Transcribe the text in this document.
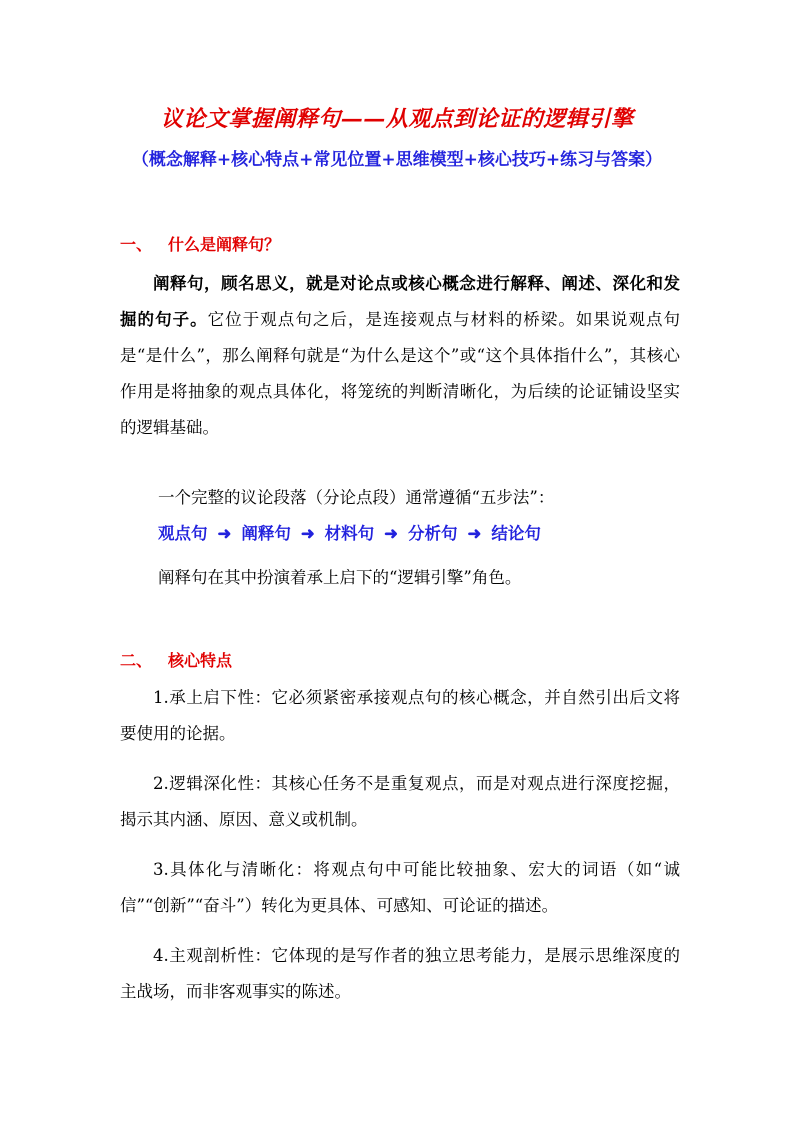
议论文掌握阐释句——从观点到论证的逻辑引擎
（概念解释+核心特点+常见位置+思维模型+核心技巧+练习与答案）
一、 什么是阐释句？
阐释句，顾名思义，就是对论点或核心概念进行解释、阐述、深化和发掘的句子。它位于观点句之后，是连接观点与材料的桥梁。如果说观点句是“是什么”，那么阐释句就是“为什么是这个”或“这个具体指什么”，其核心作用是将抽象的观点具体化，将笼统的判断清晰化，为后续的论证铺设坚实的逻辑基础。
一个完整的议论段落（分论点段）通常遵循“五步法”：
观点句 ➜ 阐释句 ➜ 材料句 ➜ 分析句 ➜ 结论句
阐释句在其中扮演着承上启下的“逻辑引擎”角色。
二、 核心特点
1.承上启下性：它必须紧密承接观点句的核心概念，并自然引出后文将要使用的论据。
2.逻辑深化性：其核心任务不是重复观点，而是对观点进行深度挖掘，揭示其内涵、原因、意义或机制。
3.具体化与清晰化：将观点句中可能比较抽象、宏大的词语（如“诚信”“创新”“奋斗”）转化为更具体、可感知、可论证的描述。
4.主观剖析性：它体现的是写作者的独立思考能力，是展示思维深度的主战场，而非客观事实的陈述。
